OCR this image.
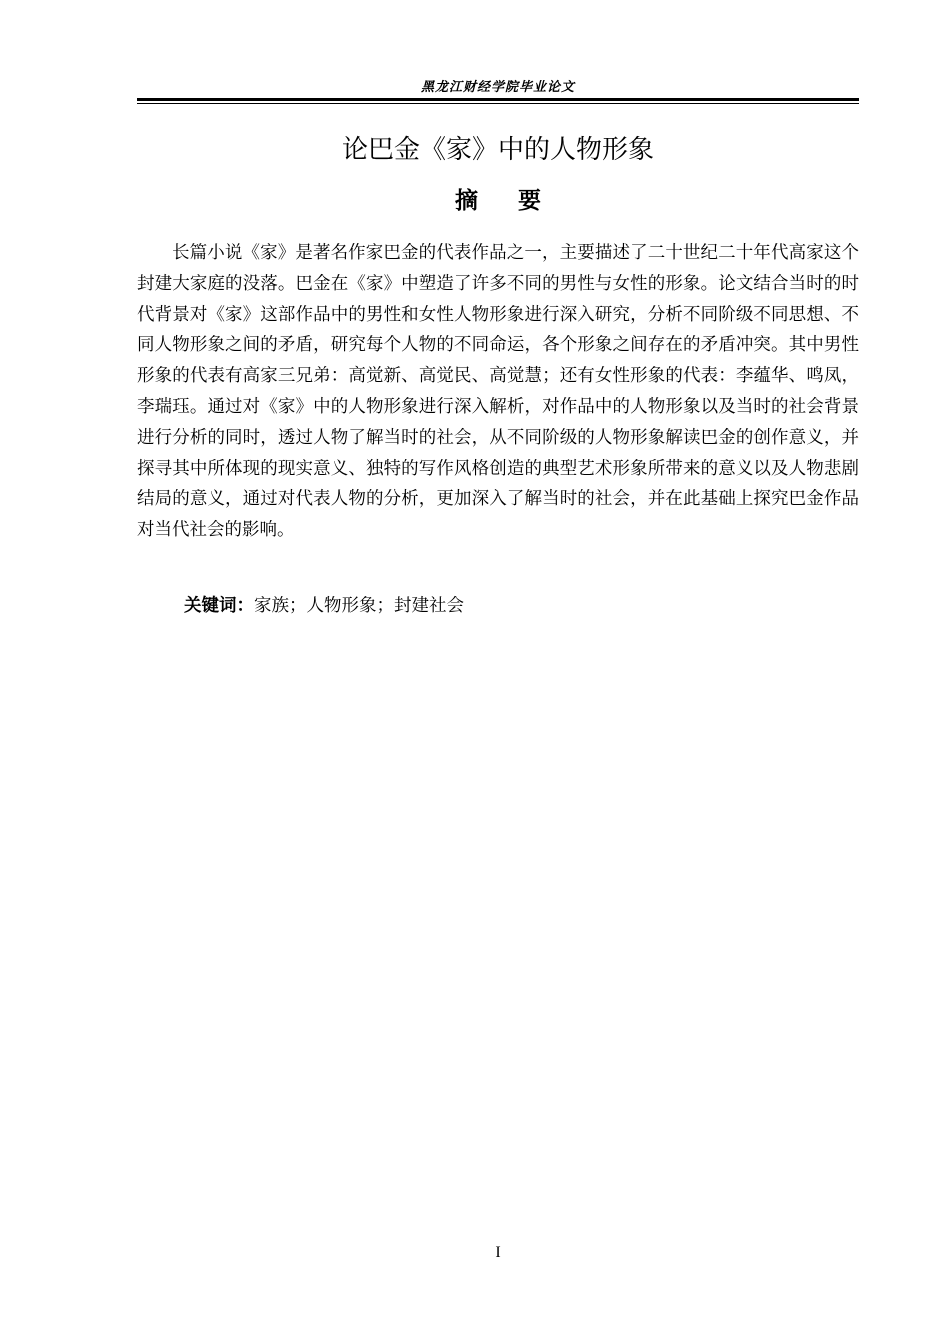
黑龙江财经学院毕业论文
论巴金《家》中的人物形象
摘要

长篇小说《家》是著名作家巴金的代表作品之一，主要描述了二十世纪二十年代高家这个封建大家庭的没落。巴金在《家》中塑造了许多不同的男性与女性的形象。论文结合当时的时代背景对《家》这部作品中的男性和女性人物形象进行深入研究，分析不同阶级不同思想、不同人物形象之间的矛盾，研究每个人物的不同命运，各个形象之间存在的矛盾冲突。其中男性形象的代表有高家三兄弟：高觉新、高觉民、高觉慧；还有女性形象的代表：李蕴华、鸣凤，李瑞珏。通过对《家》中的人物形象进行深入解析，对作品中的人物形象以及当时的社会背景进行分析的同时，透过人物了解当时的社会，从不同阶级的人物形象解读巴金的创作意义，并探寻其中所体现的现实意义、独特的写作风格创造的典型艺术形象所带来的意义以及人物悲剧结局的意义，通过对代表人物的分析，更加深入了解当时的社会，并在此基础上探究巴金作品对当代社会的影响。

关键词：家族；人物形象；封建社会
I
